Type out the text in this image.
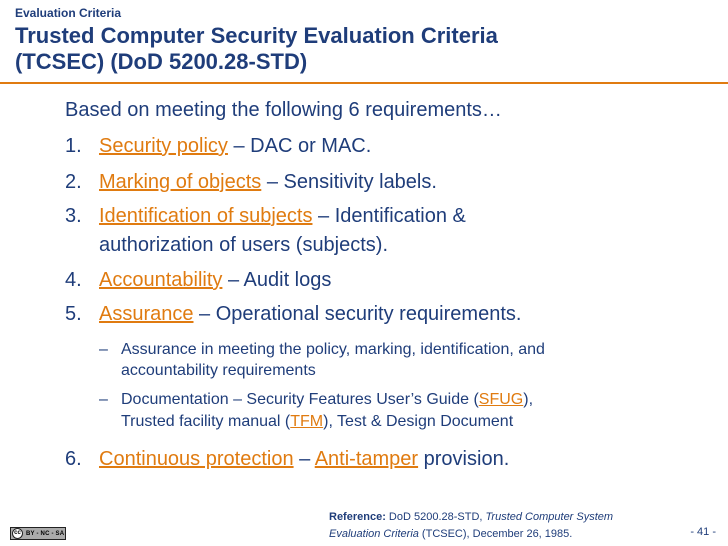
Evaluation Criteria
Trusted Computer Security Evaluation Criteria
(TCSEC) (DoD 5200.28-STD)
Based on meeting the following 6 requirements…
1. Security policy – DAC or MAC.
2. Marking of objects – Sensitivity labels.
3. Identification of subjects – Identification &
authorization of users (subjects).
4. Accountability – Audit logs
5. Assurance – Operational security requirements.
– Assurance in meeting the policy, marking, identification, and
accountability requirements
– Documentation – Security Features User’s Guide (SFUG),
Trusted facility manual (TFM), Test & Design Document
6. Continuous protection – Anti-tamper provision.
Reference: DoD 5200.28-STD, Trusted Computer System
Evaluation Criteria (TCSEC), December 26, 1985.
cc BY - NC - SA	- 41 -
